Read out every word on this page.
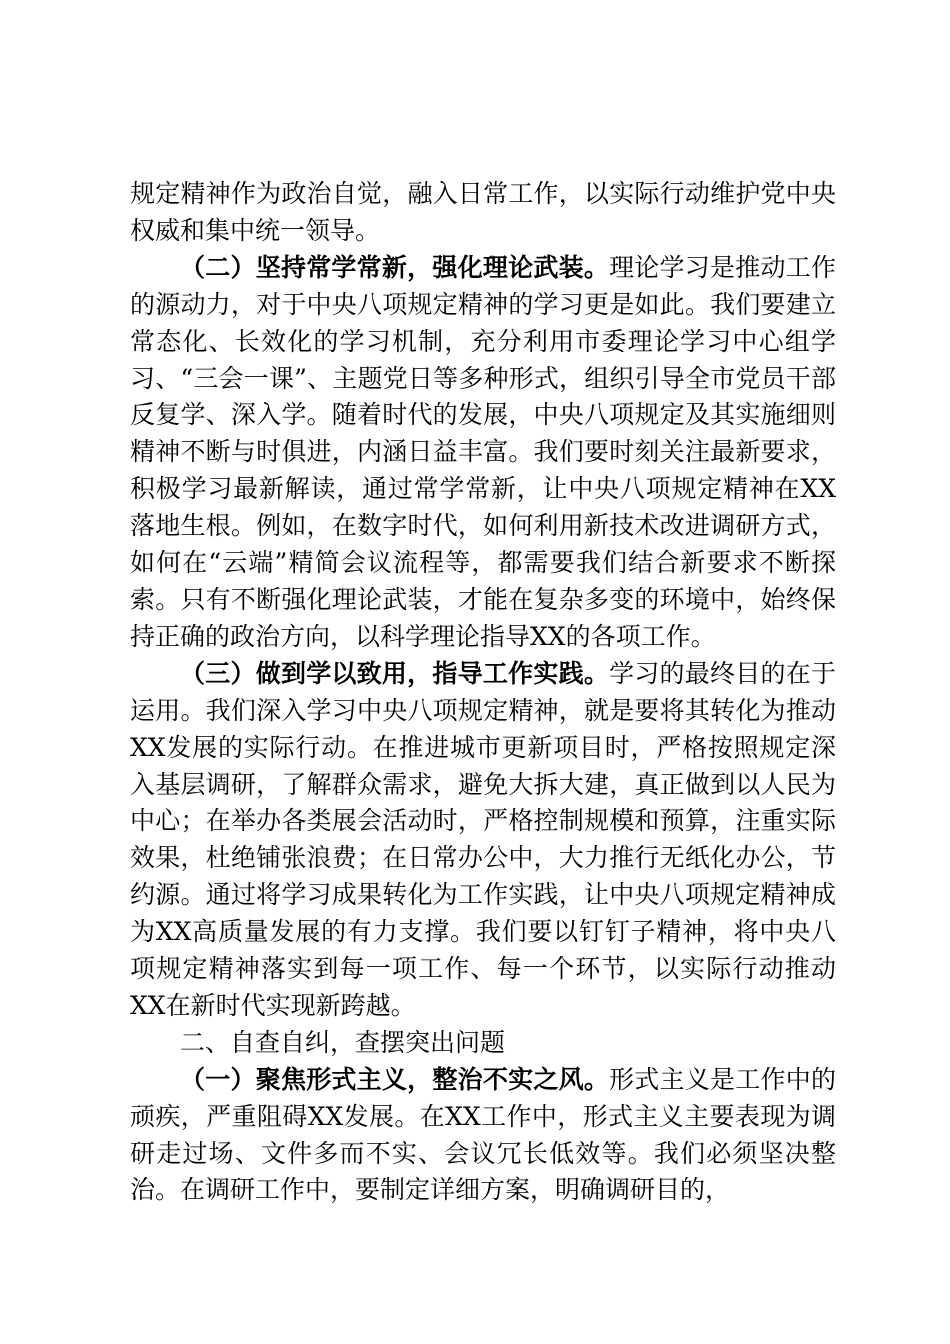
规定精神作为政治自觉，融入日常工作，以实际行动维护党中央权威和集中统一领导。

（二）坚持常学常新，强化理论武装。理论学习是推动工作的源动力，对于中央八项规定精神的学习更是如此。我们要建立常态化、长效化的学习机制，充分利用市委理论学习中心组学习、“三会一课”、主题党日等多种形式，组织引导全市党员干部反复学、深入学。随着时代的发展，中央八项规定及其实施细则精神不断与时俱进，内涵日益丰富。我们要时刻关注最新要求，积极学习最新解读，通过常学常新，让中央八项规定精神在XX落地生根。例如，在数字时代，如何利用新技术改进调研方式，如何在“云端”精简会议流程等，都需要我们结合新要求不断探索。只有不断强化理论武装，才能在复杂多变的环境中，始终保持正确的政治方向，以科学理论指导XX的各项工作。

（三）做到学以致用，指导工作实践。学习的最终目的在于运用。我们深入学习中央八项规定精神，就是要将其转化为推动XX发展的实际行动。在推进城市更新项目时，严格按照规定深入基层调研，了解群众需求，避免大拆大建，真正做到以人民为中心；在举办各类展会活动时，严格控制规模和预算，注重实际效果，杜绝铺张浪费；在日常办公中，大力推行无纸化办公，节约源。通过将学习成果转化为工作实践，让中央八项规定精神成为XX高质量发展的有力支撑。我们要以钉钉子精神，将中央八项规定精神落实到每一项工作、每一个环节，以实际行动推动XX在新时代实现新跨越。

二、自查自纠，查摆突出问题

（一）聚焦形式主义，整治不实之风。形式主义是工作中的顽疾，严重阻碍XX发展。在XX工作中，形式主义主要表现为调研走过场、文件多而不实、会议冗长低效等。我们必须坚决整治。在调研工作中，要制定详细方案，明确调研目的，
